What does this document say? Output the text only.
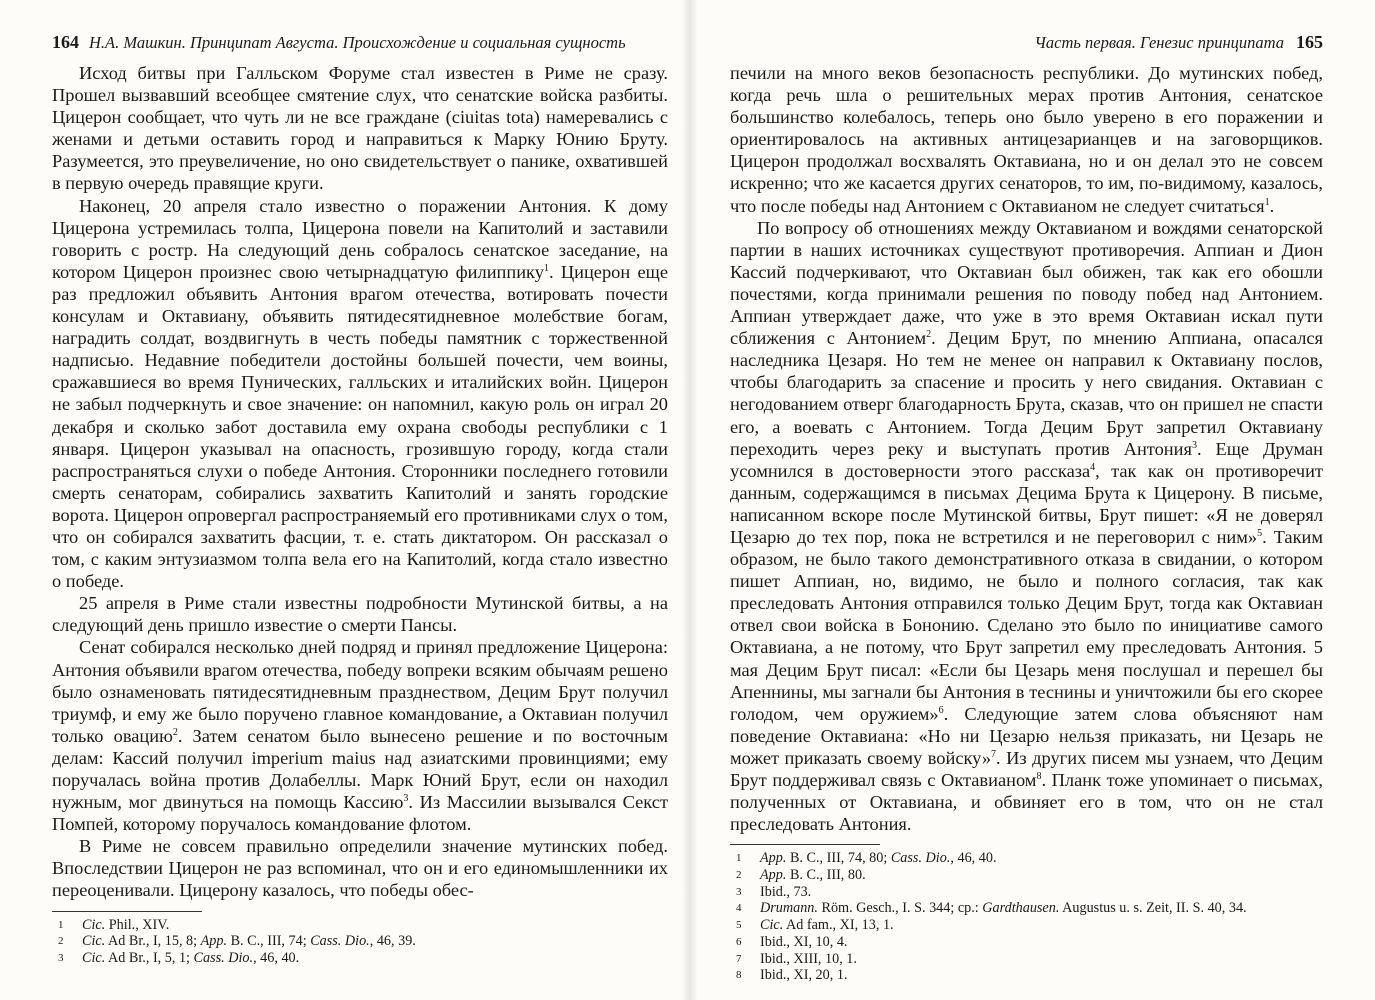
164 Н.А. Машкин. Принципат Августа. Происхождение и социальная сущность

Исход битвы при Галльском Форуме стал известен в Риме не сразу. Прошел вызвавший всеобщее смятение слух, что сенатские войска разбиты. Цицерон сообщает, что чуть ли не все граждане (ciuitas tota) намеревались с женами и детьми оставить город и направиться к Марку Юнию Бруту. Разумеется, это преувеличение, но оно свидетельствует о панике, охватившей в первую очередь правящие круги.

Наконец, 20 апреля стало известно о поражении Антония. К дому Цицерона устремилась толпа, Цицерона повели на Капитолий и заставили говорить с ростр. На следующий день собралось сенатское заседание, на котором Цицерон произнес свою четырнадцатую филиппику$^1$. Цицерон еще раз предложил объявить Антония врагом отечества, вотировать почести консулам и Октавиану, объявить пятидесятидневное молебствие богам, наградить солдат, воздвигнуть в честь победы памятник с торжественной надписью. Недавние победители достойны большей почести, чем воины, сражавшиеся во время Пунических, галльских и италийских войн. Цицерон не забыл подчеркнуть и свое значение: он напомнил, какую роль он играл 20 декабря и сколько забот доставила ему охрана свободы республики с 1 января. Цицерон указывал на опасность, грозившую городу, когда стали распространяться слухи о победе Антония. Сторонники последнего готовили смерть сенаторам, собирались захватить Капитолий и занять городские ворота. Цицерон опровергал распространяемый его противниками слух о том, что он собирался захватить фасции, т. е. стать диктатором. Он рассказал о том, с каким энтузиазмом толпа вела его на Капитолий, когда стало известно о победе.

25 апреля в Риме стали известны подробности Мутинской битвы, а на следующий день пришло известие о смерти Пансы.

Сенат собирался несколько дней подряд и принял предложение Цицерона: Антония объявили врагом отечества, победу вопреки всяким обычаям решено было ознаменовать пятидесятидневным празднеством, Децим Брут получил триумф, и ему же было поручено главное командование, а Октавиан получил только овацию$^2$. Затем сенатом было вынесено решение и по восточным делам: Кассий получил imperium maius над азиатскими провинциями; ему поручалась война против Долабеллы. Марк Юний Брут, если он находил нужным, мог двинуться на помощь Кассию$^3$. Из Массилии вызывался Секст Помпей, которому поручалось командование флотом.

В Риме не совсем правильно определили значение мутинских побед. Впоследствии Цицерон не раз вспоминал, что он и его единомышленники их переоценивали. Цицерону казалось, что победы обес-

1	Cic. Phil., XIV.
2	Cic. Ad Br., I, 15, 8; App. B. C., III, 74; Cass. Dio., 46, 39.
3	Cic. Ad Br., I, 5, 1; Cass. Dio., 46, 40.
Часть первая. Генезис принципата 165

печили на много веков безопасность республики. До мутинских побед, когда речь шла о решительных мерах против Антония, сенатское большинство колебалось, теперь оно было уверено в его поражении и ориентировалось на активных антицезарианцев и на заговорщиков. Цицерон продолжал восхвалять Октавиана, но и он делал это не совсем искренно; что же касается других сенаторов, то им, по-видимому, казалось, что после победы над Антонием с Октавианом не следует считаться$^1$.

По вопросу об отношениях между Октавианом и вождями сенаторской партии в наших источниках существуют противоречия. Аппиан и Дион Кассий подчеркивают, что Октавиан был обижен, так как его обошли почестями, когда принимали решения по поводу побед над Антонием. Аппиан утверждает даже, что уже в это время Октавиан искал пути сближения с Антонием$^2$. Децим Брут, по мнению Аппиана, опасался наследника Цезаря. Но тем не менее он направил к Октавиану послов, чтобы благодарить за спасение и просить у него свидания. Октавиан с негодованием отверг благодарность Брута, сказав, что он пришел не спасти его, а воевать с Антонием. Тогда Децим Брут запретил Октавиану переходить через реку и выступать против Антония$^3$. Еще Друман усомнился в достоверности этого рассказа$^4$, так как он противоречит данным, содержащимся в письмах Децима Брута к Цицерону. В письме, написанном вскоре после Мутинской битвы, Брут пишет: «Я не доверял Цезарю до тех пор, пока не встретился и не переговорил с ним»$^5$. Таким образом, не было такого демонстративного отказа в свидании, о котором пишет Аппиан, но, видимо, не было и полного согласия, так как преследовать Антония отправился только Децим Брут, тогда как Октавиан отвел свои войска в Бононию. Сделано это было по инициативе самого Октавиана, а не потому, что Брут запретил ему преследовать Антония. 5 мая Децим Брут писал: «Если бы Цезарь меня послушал и перешел бы Апеннины, мы загнали бы Антония в теснины и уничтожили бы его скорее голодом, чем оружием»$^6$. Следующие затем слова объясняют нам поведение Октавиана: «Но ни Цезарю нельзя приказать, ни Цезарь не может приказать своему войску»$^7$. Из других писем мы узнаем, что Децим Брут поддерживал связь с Октавианом$^8$. Планк тоже упоминает о письмах, полученных от Октавиана, и обвиняет его в том, что он не стал преследовать Антония.

1	App. B. C., III, 74, 80; Cass. Dio., 46, 40.
2	App. B. C., III, 80.
3	Ibid., 73.
4	Drumann. Röm. Gesch., I. S. 344; ср.: Gardthausen. Augustus u. s. Zeit, II. S. 40, 34.
5	Cic. Ad fam., XI, 13, 1.
6	Ibid., XI, 10, 4.
7	Ibid., XIII, 10, 1.
8	Ibid., XI, 20, 1.
